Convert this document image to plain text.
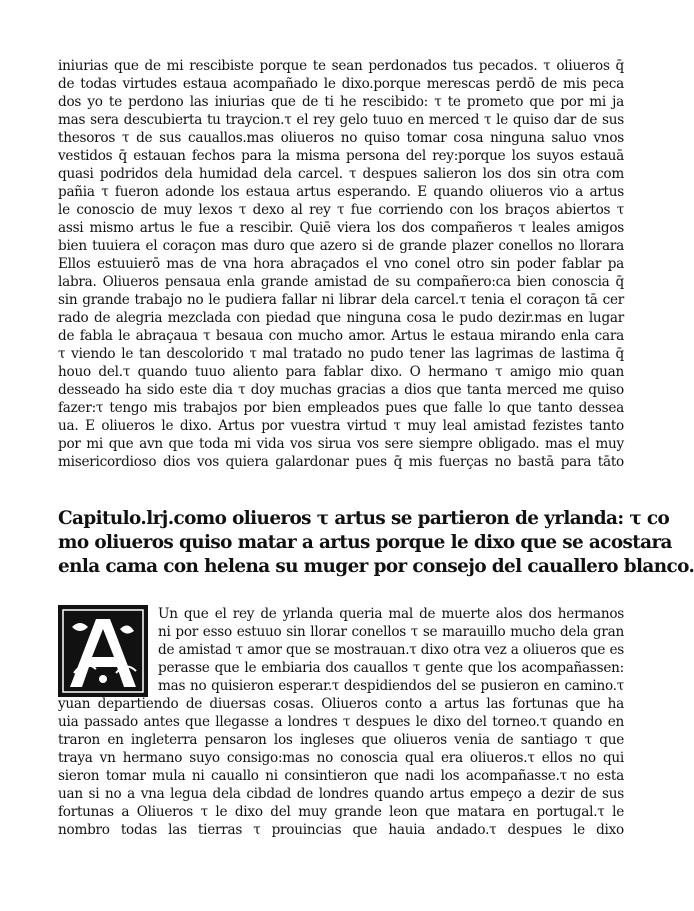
iniurias que de mi rescibiste porque te sean perdonados tus pecados. τ oliueros q̄
de todas virtudes estaua acompañado le dixo.porque merescas perdō de mis peca
dos yo te perdono las iniurias que de ti he rescibido: τ te prometo que por mi ja
mas sera descubierta tu traycion.τ el rey gelo tuuo en merced τ le quiso dar de sus
thesoros τ de sus cauallos.mas oliueros no quiso tomar cosa ninguna saluo vnos
vestidos q̄ estauan fechos para la misma persona del rey:porque los suyos estauā
quasi podridos dela humidad dela carcel. τ despues salieron los dos sin otra com
pañia τ fueron adonde los estaua artus esperando. E quando oliueros vio a artus
le conoscio de muy lexos τ dexo al rey τ fue corriendo con los braços abiertos τ
assi mismo artus le fue a rescibir. Quiē viera los dos compañeros τ leales amigos
bien tuuiera el coraçon mas duro que azero si de grande plazer conellos no llorara
Ellos estuuierō mas de vna hora abraçados el vno conel otro sin poder fablar pa
labra. Oliueros pensaua enla grande amistad de su compañero:ca bien conoscia q̄
sin grande trabajo no le pudiera fallar ni librar dela carcel.τ tenia el coraçon tā cer
rado de alegria mezclada con piedad que ninguna cosa le pudo dezir.mas en lugar
de fabla le abraçaua τ besaua con mucho amor. Artus le estaua mirando enla cara
τ viendo le tan descolorido τ mal tratado no pudo tener las lagrimas de lastima q̄
houo del.τ quando tuuo aliento para fablar dixo. O hermano τ amigo mio quan
desseado ha sido este dia τ doy muchas gracias a dios que tanta merced me quiso
fazer:τ tengo mis trabajos por bien empleados pues que falle lo que tanto dessea
ua. E oliueros le dixo. Artus por vuestra virtud τ muy leal amistad fezistes tanto
por mi que avn que toda mi vida vos sirua vos sere siempre obligado. mas el muy
misericordioso dios vos quiera galardonar pues q̄ mis fuerças no bastā para tāto
Capitulo.lrj.como oliueros τ artus se partieron de yrlanda: τ co
mo oliueros quiso matar a artus porque le dixo que se acostara
enla cama con helena su muger por consejo del cauallero blanco.
Un que el rey de yrlanda queria mal de muerte alos dos hermanos
ni por esso estuuo sin llorar conellos τ se marauillo mucho dela gran
de amistad τ amor que se mostrauan.τ dixo otra vez a oliueros que es
perasse que le embiaria dos cauallos τ gente que los acompañassen:
mas no quisieron esperar.τ despidiendos del se pusieron en camino.τ
yuan departiendo de diuersas cosas. Oliueros conto a artus las fortunas que ha
uia passado antes que llegasse a londres τ despues le dixo del torneo.τ quando en
traron en ingleterra pensaron los ingleses que oliueros venia de santiago τ que
traya vn hermano suyo consigo:mas no conoscia qual era oliueros.τ ellos no qui
sieron tomar mula ni cauallo ni consintieron que nadi los acompañasse.τ no esta
uan si no a vna legua dela cibdad de londres quando artus empeço a dezir de sus
fortunas a Oliueros τ le dixo del muy grande leon que matara en portugal.τ le
nombro todas las tierras τ prouincias que hauia andado.τ despues le dixo
